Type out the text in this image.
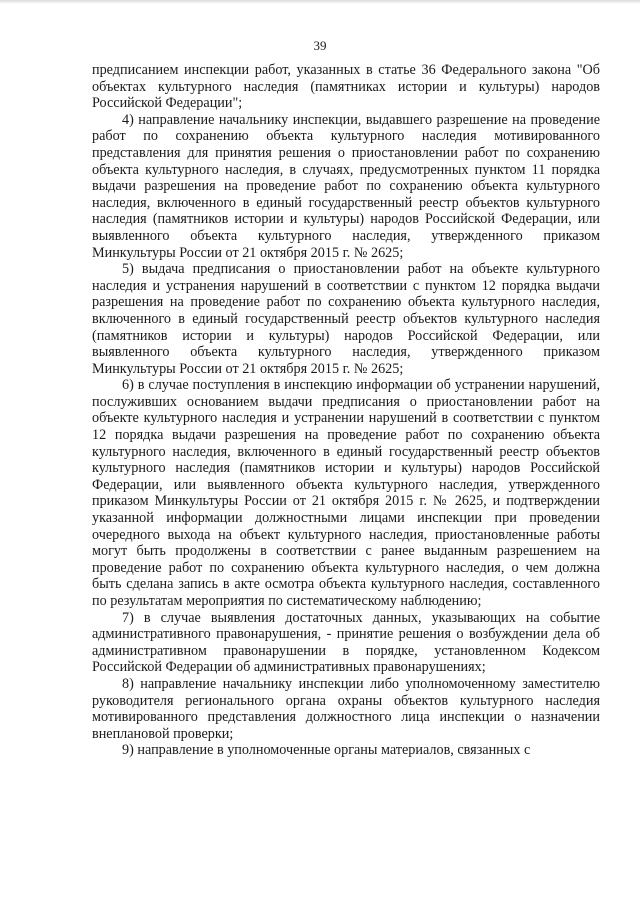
39

предписанием инспекции работ, указанных в статье 36 Федерального закона "Об объектах культурного наследия (памятниках истории и культуры) народов Российской Федерации";

4) направление начальнику инспекции, выдавшего разрешение на проведение работ по сохранению объекта культурного наследия мотивированного представления для принятия решения о приостановлении работ по сохранению объекта культурного наследия, в случаях, предусмотренных пунктом 11 порядка выдачи разрешения на проведение работ по сохранению объекта культурного наследия, включенного в единый государственный реестр объектов культурного наследия (памятников истории и культуры) народов Российской Федерации, или выявленного объекта культурного наследия, утвержденного приказом Минкультуры России от 21 октября 2015 г. № 2625;

5) выдача предписания о приостановлении работ на объекте культурного наследия и устранения нарушений в соответствии с пунктом 12 порядка выдачи разрешения на проведение работ по сохранению объекта культурного наследия, включенного в единый государственный реестр объектов культурного наследия (памятников истории и культуры) народов Российской Федерации, или выявленного объекта культурного наследия, утвержденного приказом Минкультуры России от 21 октября 2015 г. № 2625;

6) в случае поступления в инспекцию информации об устранении нарушений, послуживших основанием выдачи предписания о приостановлении работ на объекте культурного наследия и устранении нарушений в соответствии с пунктом 12 порядка выдачи разрешения на проведение работ по сохранению объекта культурного наследия, включенного в единый государственный реестр объектов культурного наследия (памятников истории и культуры) народов Российской Федерации, или выявленного объекта культурного наследия, утвержденного приказом Минкультуры России от 21 октября 2015 г. № 2625, и подтверждении указанной информации должностными лицами инспекции при проведении очередного выхода на объект культурного наследия, приостановленные работы могут быть продолжены в соответствии с ранее выданным разрешением на проведение работ по сохранению объекта культурного наследия, о чем должна быть сделана запись в акте осмотра объекта культурного наследия, составленного по результатам мероприятия по систематическому наблюдению;

7) в случае выявления достаточных данных, указывающих на событие административного правонарушения, - принятие решения о возбуждении дела об административном правонарушении в порядке, установленном Кодексом Российской Федерации об административных правонарушениях;

8) направление начальнику инспекции либо уполномоченному заместителю руководителя регионального органа охраны объектов культурного наследия мотивированного представления должностного лица инспекции о назначении внеплановой проверки;

9) направление в уполномоченные органы материалов, связанных с
